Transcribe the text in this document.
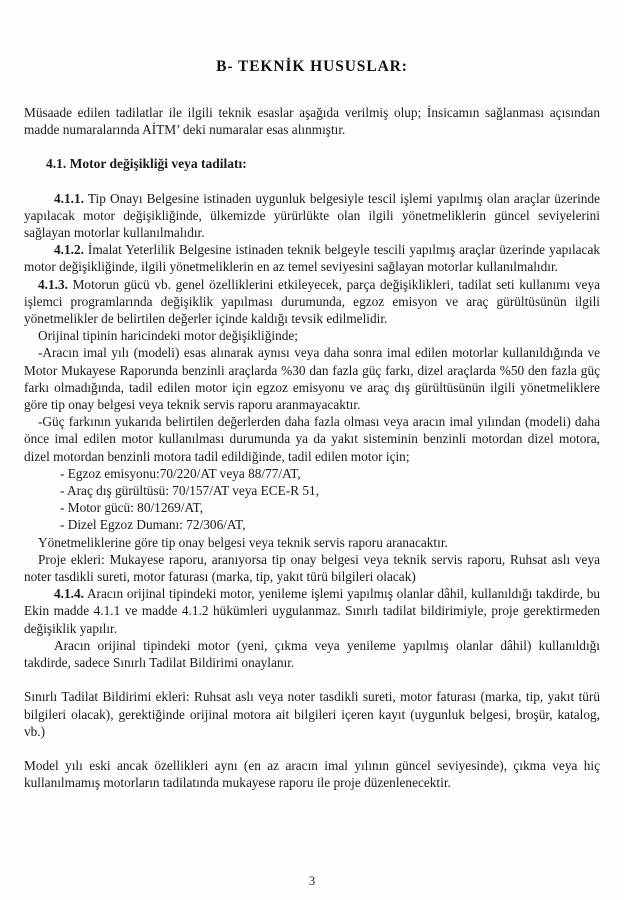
B- TEKNİK HUSUSLAR:

Müsaade edilen tadilatlar ile ilgili teknik esaslar aşağıda verilmiş olup; İnsicamın sağlanması açısından madde numaralarında AİTM’ deki numaralar esas alınmıştır.

4.1. Motor değişikliği veya tadilatı:

4.1.1. Tip Onayı Belgesine istinaden uygunluk belgesiyle tescil işlemi yapılmış olan araçlar üzerinde yapılacak motor değişikliğinde, ülkemizde yürürlükte olan ilgili yönetmeliklerin güncel seviyelerini sağlayan motorlar kullanılmalıdır.

4.1.2. İmalat Yeterlilik Belgesine istinaden teknik belgeyle tescili yapılmış araçlar üzerinde yapılacak motor değişikliğinde, ilgili yönetmeliklerin en az temel seviyesini sağlayan motorlar kullanılmalıdır.

4.1.3. Motorun gücü vb. genel özelliklerini etkileyecek, parça değişiklikleri, tadilat seti kullanımı veya işlemci programlarında değişiklik yapılması durumunda, egzoz emisyon ve araç gürültüsünün ilgili yönetmelikler de belirtilen değerler içinde kaldığı tevsik edilmelidir.

Orijinal tipinin haricindeki motor değişikliğinde;

-Aracın imal yılı (modeli) esas alınarak aynısı veya daha sonra imal edilen motorlar kullanıldığında ve Motor Mukayese Raporunda benzinli araçlarda %30 dan fazla güç farkı, dizel araçlarda %50 den fazla güç farkı olmadığında, tadil edilen motor için egzoz emisyonu ve araç dış gürültüsünün ilgili yönetmeliklere göre tip onay belgesi veya teknik servis raporu aranmayacaktır.

-Güç farkının yukarıda belirtilen değerlerden daha fazla olması veya aracın imal yılından (modeli) daha önce imal edilen motor kullanılması durumunda ya da yakıt sisteminin benzinli motordan dizel motora, dizel motordan benzinli motora tadil edildiğinde, tadil edilen motor için;

- Egzoz emisyonu:70/220/AT veya 88/77/AT,
- Araç dış gürültüsü: 70/157/AT veya ECE-R 51,
- Motor gücü: 80/1269/AT,
- Dizel Egzoz Dumanı: 72/306/AT,

Yönetmeliklerine göre tip onay belgesi veya teknik servis raporu aranacaktır.

Proje ekleri: Mukayese raporu, aranıyorsa tip onay belgesi veya teknik servis raporu, Ruhsat aslı veya noter tasdikli sureti, motor faturası (marka, tip, yakıt türü bilgileri olacak)

4.1.4. Aracın orijinal tipindeki motor, yenileme işlemi yapılmış olanlar dâhil, kullanıldığı takdirde, bu Ekin madde 4.1.1 ve madde 4.1.2 hükümleri uygulanmaz. Sınırlı tadilat bildirimiyle, proje gerektirmeden değişiklik yapılır.

Aracın orijinal tipindeki motor (yeni, çıkma veya yenileme yapılmış olanlar dâhil) kullanıldığı takdirde, sadece Sınırlı Tadilat Bildirimi onaylanır.

Sınırlı Tadilat Bildirimi ekleri: Ruhsat aslı veya noter tasdikli sureti, motor faturası (marka, tip, yakıt türü bilgileri olacak), gerektiğinde orijinal motora ait bilgileri içeren kayıt (uygunluk belgesi, broşür, katalog, vb.)

Model yılı eski ancak özellikleri aynı (en az aracın imal yılının güncel seviyesinde), çıkma veya hiç kullanılmamış motorların tadilatında mukayese raporu ile proje düzenlenecektir.

3
